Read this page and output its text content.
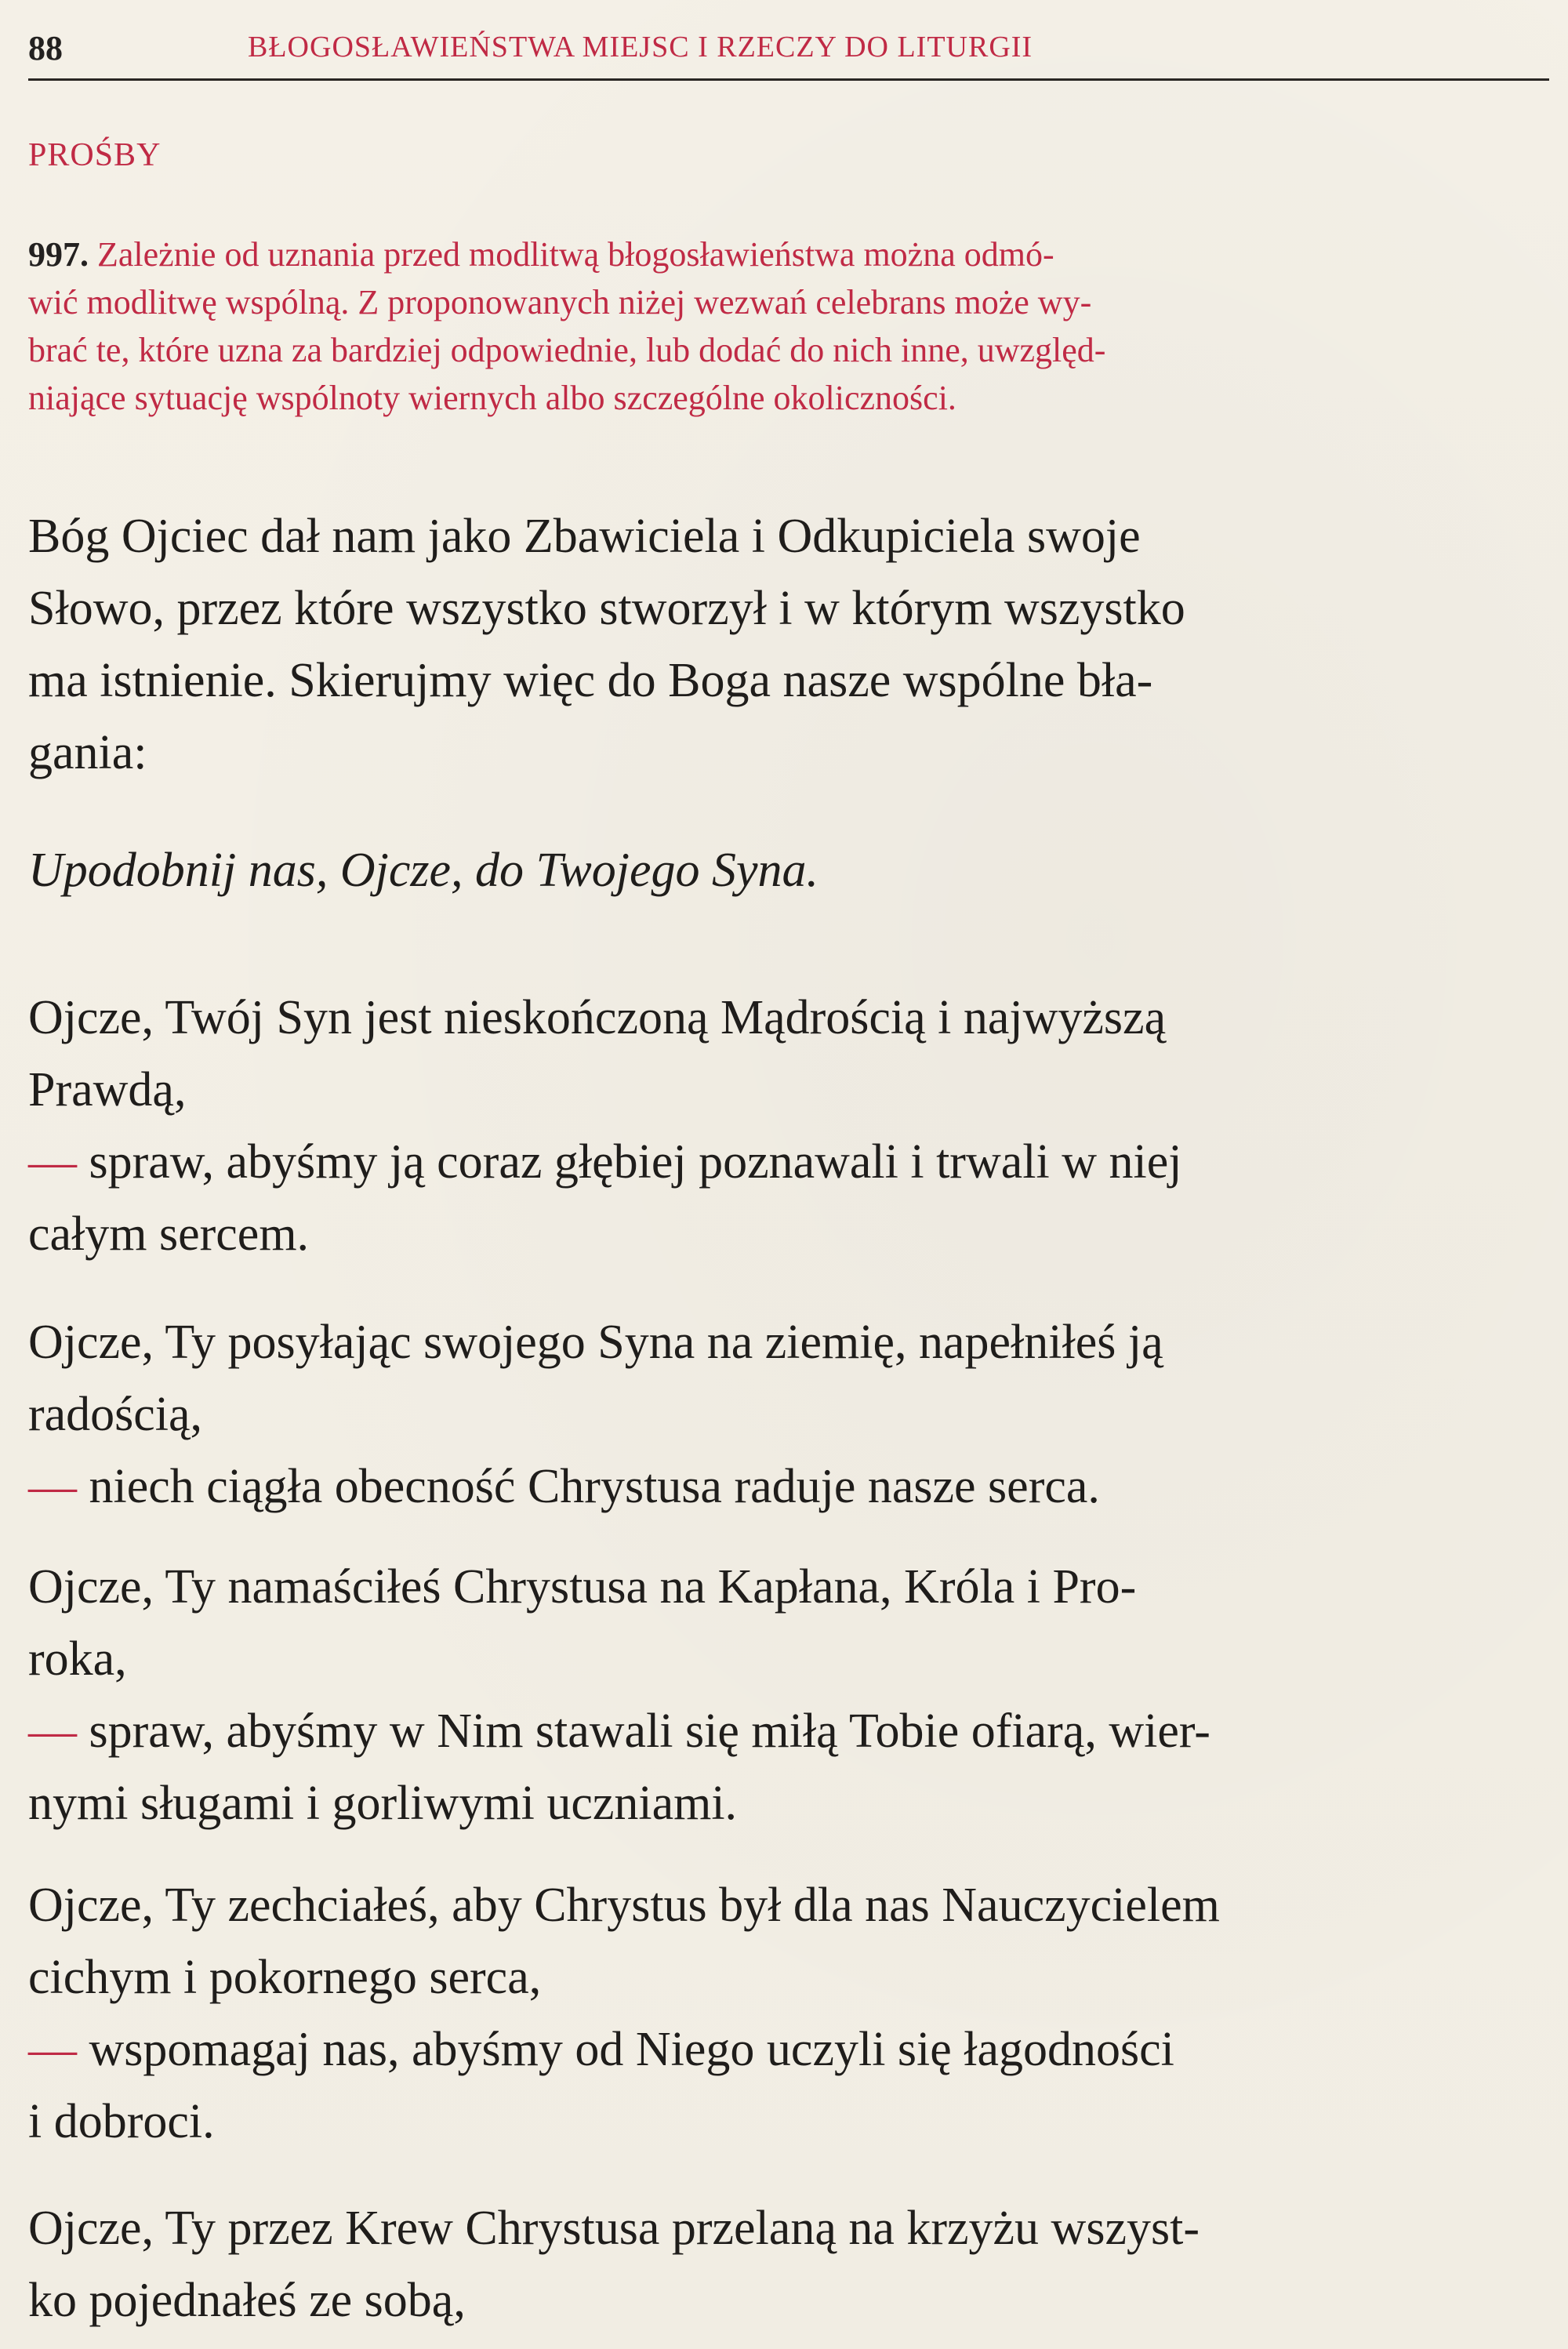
88	BŁOGOSŁAWIEŃSTWA MIEJSC I RZECZY DO LITURGII
PROŚBY
997. Zależnie od uznania przed modlitwą błogosławieństwa można odmó-
wić modlitwę wspólną. Z proponowanych niżej wezwań celebrans może wy-
brać te, które uzna za bardziej odpowiednie, lub dodać do nich inne, uwzględ-
niające sytuację wspólnoty wiernych albo szczególne okoliczności.
Bóg Ojciec dał nam jako Zbawiciela i Odkupiciela swoje
Słowo, przez które wszystko stworzył i w którym wszystko
ma istnienie. Skierujmy więc do Boga nasze wspólne bła-
gania:
Upodobnij nas, Ojcze, do Twojego Syna.
Ojcze, Twój Syn jest nieskończoną Mądrością i najwyższą
Prawdą,
— spraw, abyśmy ją coraz głębiej poznawali i trwali w niej
całym sercem.
Ojcze, Ty posyłając swojego Syna na ziemię, napełniłeś ją
radością,
— niech ciągła obecność Chrystusa raduje nasze serca.
Ojcze, Ty namaściłeś Chrystusa na Kapłana, Króla i Pro-
roka,
— spraw, abyśmy w Nim stawali się miłą Tobie ofiarą, wier-
nymi sługami i gorliwymi uczniami.
Ojcze, Ty zechciałeś, aby Chrystus był dla nas Nauczycielem
cichym i pokornego serca,
— wspomagaj nas, abyśmy od Niego uczyli się łagodności
i dobroci.
Ojcze, Ty przez Krew Chrystusa przelaną na krzyżu wszyst-
ko pojednałeś ze sobą,
